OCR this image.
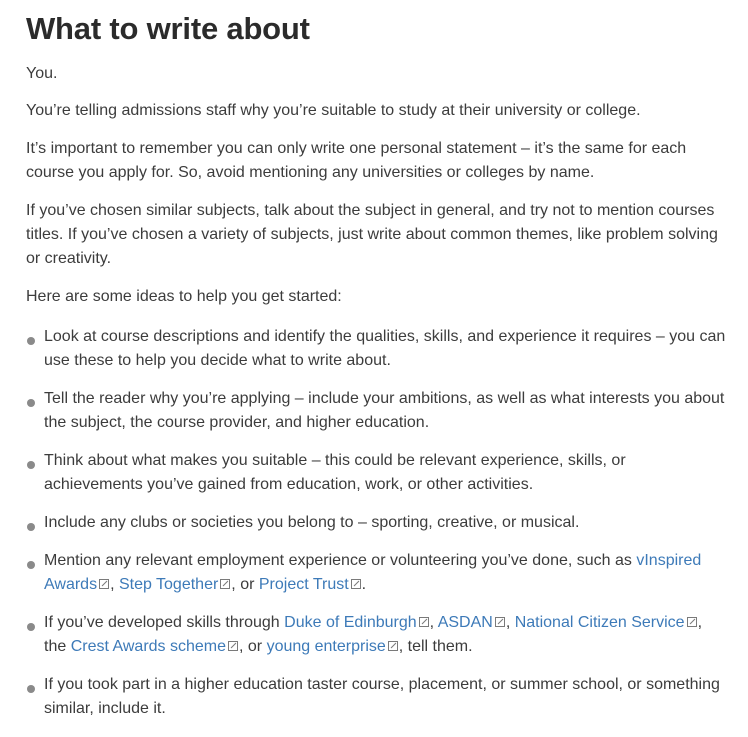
What to write about

You.

You’re telling admissions staff why you’re suitable to study at their university or college.

It’s important to remember you can only write one personal statement – it’s the same for each course you apply for. So, avoid mentioning any universities or colleges by name.

If you’ve chosen similar subjects, talk about the subject in general, and try not to mention courses titles. If you’ve chosen a variety of subjects, just write about common themes, like problem solving or creativity.

Here are some ideas to help you get started:

Look at course descriptions and identify the qualities, skills, and experience it requires – you can use these to help you decide what to write about.
Tell the reader why you’re applying – include your ambitions, as well as what interests you about the subject, the course provider, and higher education.
Think about what makes you suitable – this could be relevant experience, skills, or achievements you’ve gained from education, work, or other activities.
Include any clubs or societies you belong to – sporting, creative, or musical.
Mention any relevant employment experience or volunteering you’ve done, such as vInspired Awards , Step Together , or Project Trust .
If you’ve developed skills through Duke of Edinburgh , ASDAN , National Citizen Service , the Crest Awards scheme , or young enterprise , tell them.
If you took part in a higher education taster course, placement, or summer school, or something similar, include it.
